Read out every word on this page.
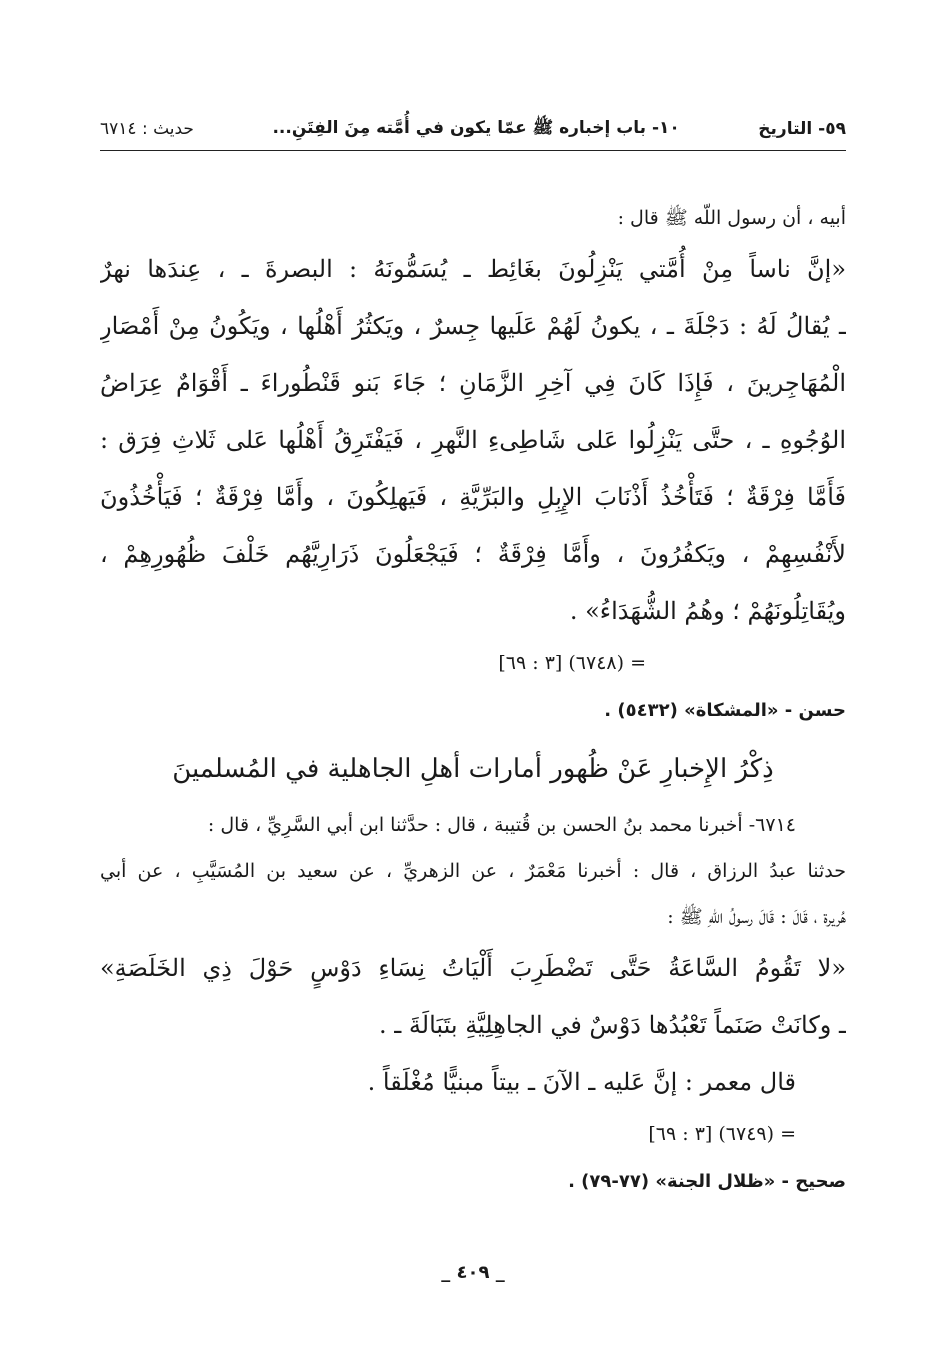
٥٩- التاريخ
١٠- باب إخباره ﷺ عمّا يكون في أُمَّته مِنَ الفِتَنِ...
حديث : ٦٧١٤
أبيه ، أن رسول اللّه ﷺ قال :
«إنَّ ناساً مِنْ أُمَّتي يَنْزِلُونَ بغَائِط ـ يُسَمُّونَهُ : البصرةَ ـ ، عِندَها نهرٌ
ـ يُقالُ لَهُ : دَجْلَةَ ـ ، يكونُ لَهُمْ عَلَيها جِسرٌ ، ويَكثُرُ أَهْلُها ، ويَكُونُ مِنْ أَمْصَارِ
الْمُهَاجِرينَ ، فَإِذَا كَانَ فِي آخِرِ الزَّمَانِ ؛ جَاءَ بَنو قَنْطُوراءَ ـ أَقْوَامٌ عِرَاضُ
الوُجُوهِ ـ ، حتَّى يَنْزِلُوا عَلى شَاطِىءِ النَّهرِ ، فَيَفْتَرِقُ أَهْلُها عَلى ثَلاثِ فِرَق :
فَأَمَّا فِرْقَةٌ ؛ فَتَأْخُذُ أَذْنَابَ الإِبِلِ والبَرِّيَّةِ ، فَيَهلِكُونَ ، وأَمَّا فِرْقَةٌ ؛ فَيَأْخُذُونَ
لأَنْفُسِهِمْ ، ويَكفُرُونَ ، وأَمَّا فِرْقَةٌ ؛ فَيَجْعَلُونَ ذَرَارِيَّهُم خَلْفَ ظُهُورِهِمْ ،
ويُقَاتِلُونَهُمْ ؛ وهُمُ الشُّهَدَاءُ» .
= (٦٧٤٨) [٣ : ٦٩]
حسن - «المشكاة» (٥٤٣٢) .
ذِكْرُ الإِخبارِ عَنْ ظُهور أمارات أهلِ الجاهلية في المُسلمينَ
٦٧١٤- أخبرنا محمد بنُ الحسن بن قُتيبة ، قال : حدَّثنا ابن أبي السَّرِيِّ ، قال :
حدثنا عبدُ الرزاق ، قال : أخبرنا مَعْمَرٌ ، عن الزهريِّ ، عن سعيد بن المُسَيَّبِ ، عن أبي
هُريرة ، قَالَ : قَالَ رسولُ اللّهِ ﷺ :
«لا تَقُومُ السَّاعَةُ حَتَّى تَضْطَرِبَ أَلْيَاتُ نِسَاءِ دَوْسٍ حَوْلَ ذِي الخَلَصَةِ»
ـ وكانَتْ صَنَماً تَعْبُدُها دَوْسٌ في الجاهِلِيَّةِ بتَبَالَةَ ـ .
قال معمر : إنَّ عَليه ـ الآنَ ـ بيتاً مبنيًّا مُغْلَقاً .
= (٦٧٤٩) [٣ : ٦٩]
صحيح - «ظلال الجنة» (٧٧-٧٩) .
_ ٤٠٩ _
